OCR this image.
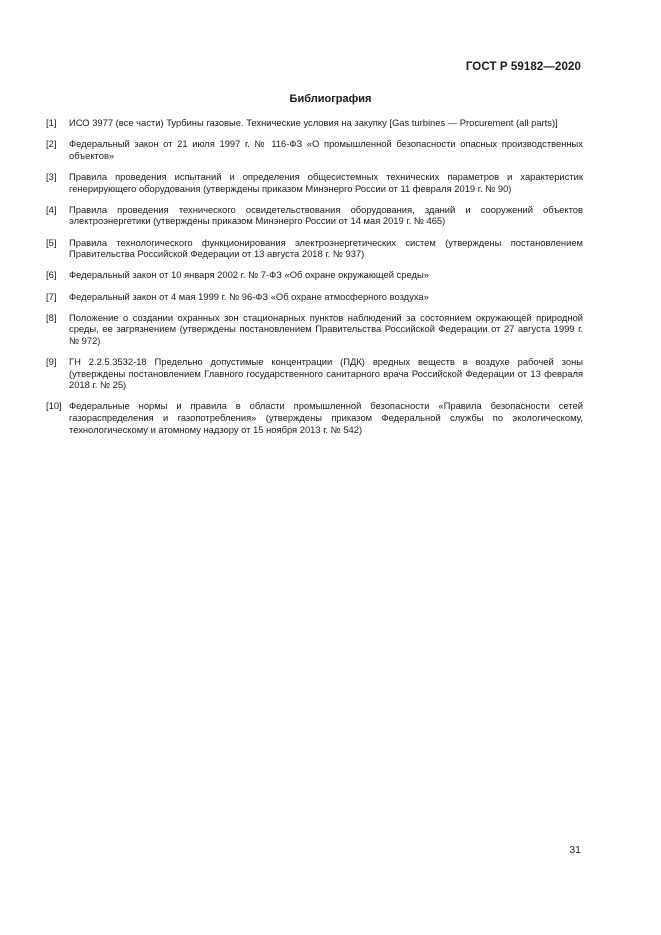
ГОСТ Р 59182—2020
Библиография
[1]	ИСО 3977 (все части) Турбины газовые. Технические условия на закупку [Gas turbines — Procurement (all parts)]
[2]	Федеральный закон от 21 июля 1997 г. № 116-ФЗ «О промышленной безопасности опасных производственных объектов»
[3]	Правила проведения испытаний и определения общесистемных технических параметров и характеристик генерирующего оборудования (утверждены приказом Минэнерго России от 11 февраля 2019 г. № 90)
[4]	Правила проведения технического освидетельствования оборудования, зданий и сооружений объектов электроэнергетики (утверждены приказом Минэнерго России от 14 мая 2019 г. № 465)
[5]	Правила технологического функционирования электроэнергетических систем (утверждены постановлением Правительства Российской Федерации от 13 августа 2018 г. № 937)
[6]	Федеральный закон от 10 января 2002 г. № 7-ФЗ «Об охране окружающей среды»
[7]	Федеральный закон от 4 мая 1999 г. № 96-ФЗ «Об охране атмосферного воздуха»
[8]	Положение о создании охранных зон стационарных пунктов наблюдений за состоянием окружающей природной среды, ее загрязнением (утверждены постановлением Правительства Российской Федерации от 27 августа 1999 г. № 972)
[9]	ГН 2.2.5.3532-18 Предельно допустимые концентрации (ПДК) вредных веществ в воздухе рабочей зоны (утверждены постановлением Главного государственного санитарного врача Российской Федерации от 13 февраля 2018 г. № 25)
[10] Федеральные нормы и правила в области промышленной безопасности «Правила безопасности сетей газораспределения и газопотребления» (утверждены приказом Федеральной службы по экологическому, технологическому и атомному надзору от 15 ноября 2013 г. № 542)
31
